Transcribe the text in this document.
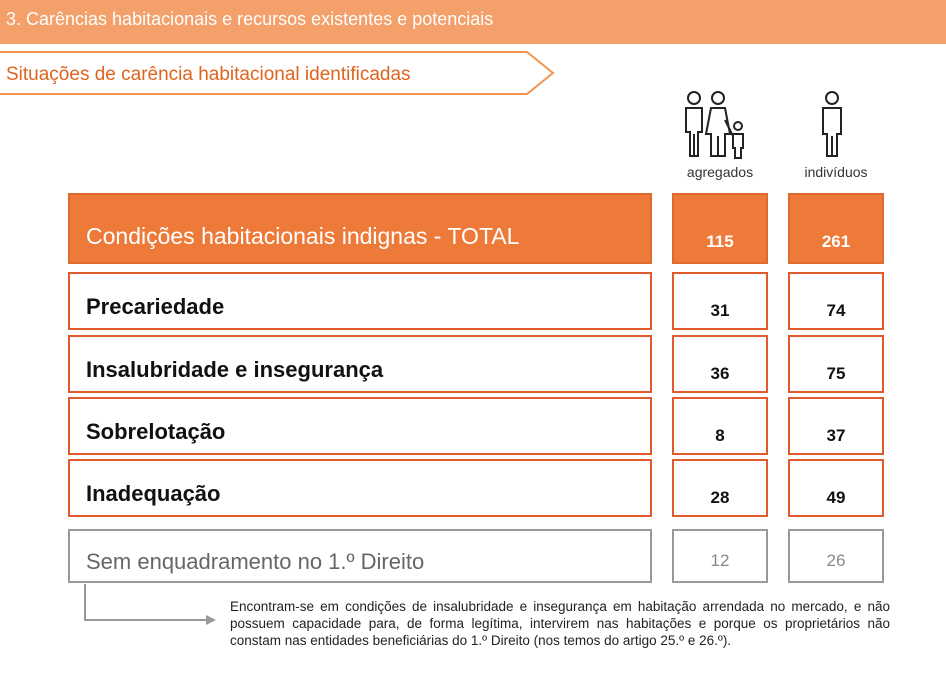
3. Carências habitacionais e recursos existentes e potenciais
Situações de carência habitacional identificadas
agregados	indivíduos
Condições habitacionais indignas - TOTAL	115	261
Precariedade	31	74
Insalubridade e insegurança	36	75
Sobrelotação	8	37
Inadequação	28	49
Sem enquadramento no 1.º Direito	12	26
Encontram-se em condições de insalubridade e insegurança em habitação arrendada no mercado, e não possuem capacidade para, de forma legítima, intervirem nas habitações e porque os proprietários não constam nas entidades beneficiárias do 1.º Direito (nos temos do artigo 25.º e 26.º).
